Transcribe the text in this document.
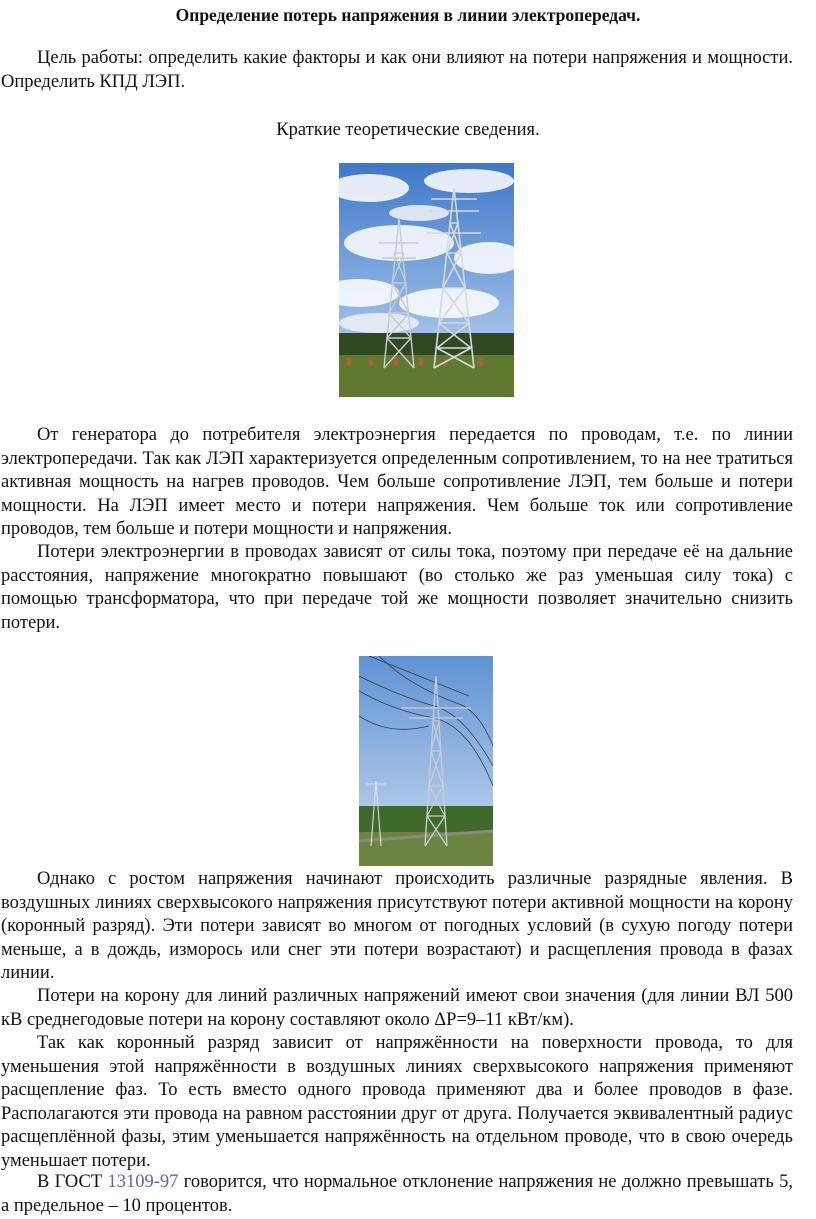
Определение потерь напряжения в линии электропередач.

Цель работы: определить какие факторы и как они влияют на потери напряжения и мощности. Определить КПД ЛЭП.

Краткие теоретические сведения.

От генератора до потребителя электроэнергия передается по проводам, т.е. по линии электропередачи. Так как ЛЭП характеризуется определенным сопротивлением, то на нее тратиться активная мощность на нагрев проводов. Чем больше сопротивление ЛЭП, тем больше и потери мощности. На ЛЭП имеет место и потери напряжения. Чем больше ток или сопротивление проводов, тем больше и потери мощности и напряжения.

Потери электроэнергии в проводах зависят от силы тока, поэтому при передаче её на дальние расстояния, напряжение многократно повышают (во столько же раз уменьшая силу тока) с помощью трансформатора, что при передаче той же мощности позволяет значительно снизить потери.

Однако с ростом напряжения начинают происходить различные разрядные явления. В воздушных линиях сверхвысокого напряжения присутствуют потери активной мощности на корону (коронный разряд). Эти потери зависят во многом от погодных условий (в сухую погоду потери меньше, а в дождь, изморось или снег эти потери возрастают) и расщепления провода в фазах линии.

Потери на корону для линий различных напряжений имеют свои значения (для линии ВЛ 500 кВ среднегодовые потери на корону составляют около ΔР=9–11 кВт/км).

Так как коронный разряд зависит от напряжённости на поверхности провода, то для уменьшения этой напряжённости в воздушных линиях сверхвысокого напряжения применяют расщепление фаз. То есть вместо одного провода применяют два и более проводов в фазе. Располагаются эти провода на равном расстоянии друг от друга. Получается эквивалентный радиус расщеплённой фазы, этим уменьшается напряжённость на отдельном проводе, что в свою очередь уменьшает потери.

В ГОСТ 13109-97 говорится, что нормальное отклонение напряжения не должно превышать 5, а предельное – 10 процентов.
